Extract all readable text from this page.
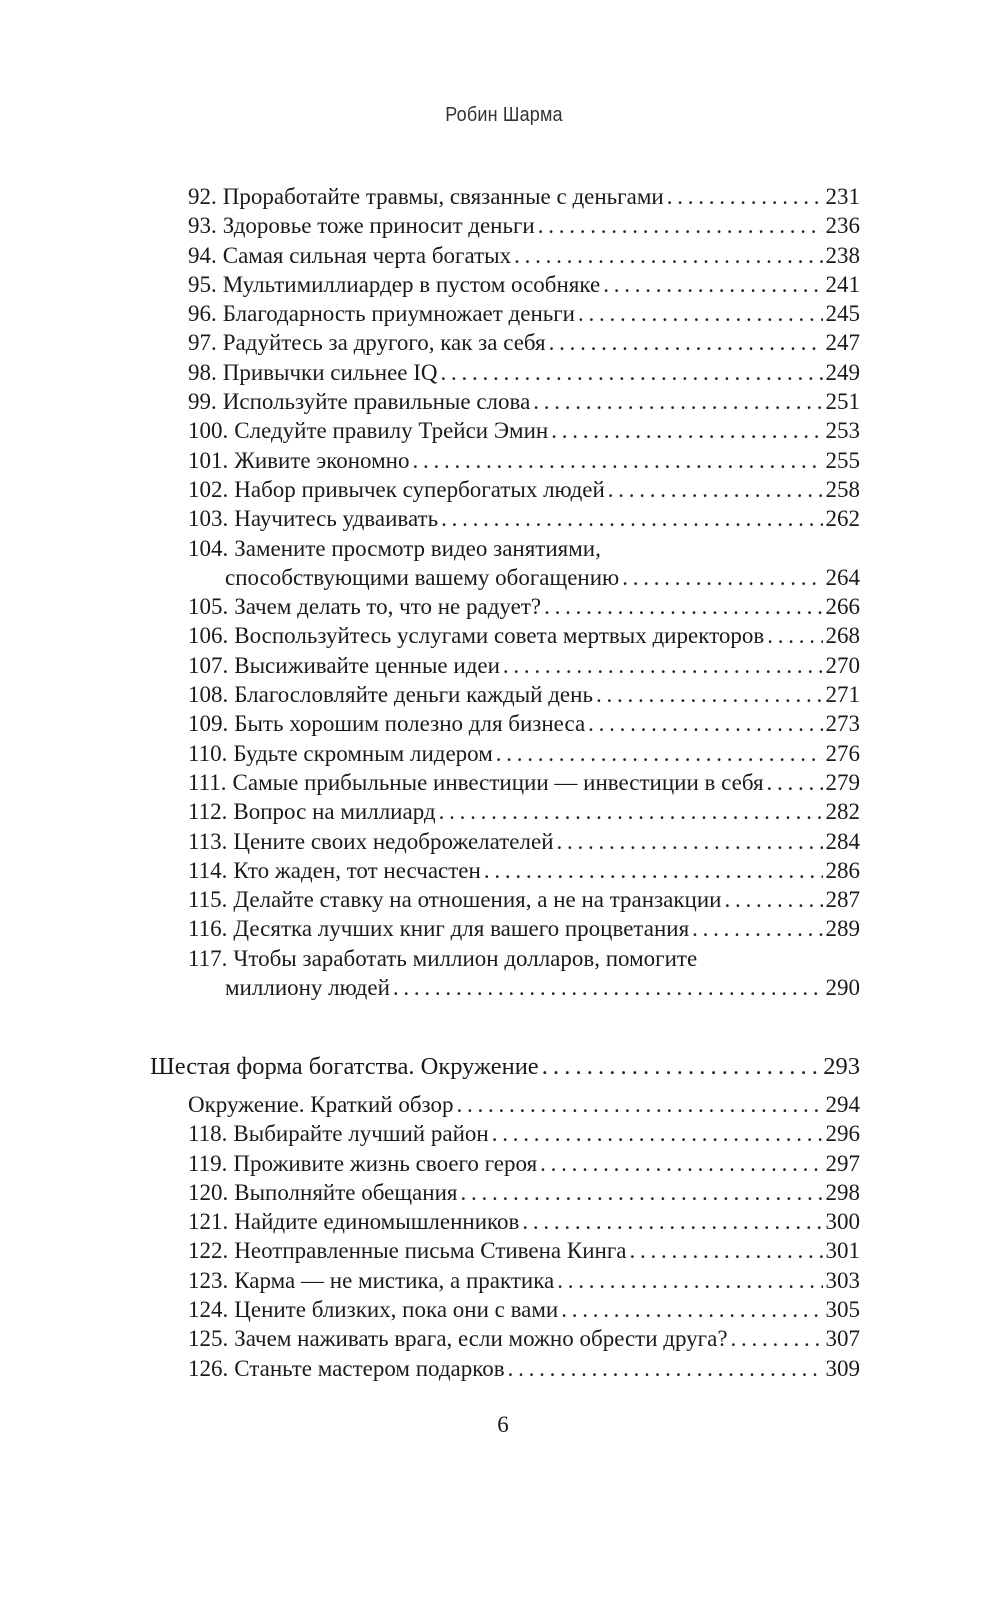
Робин Шарма
92. Проработайте травмы, связанные с деньгами . . .	231
93. Здоровье тоже приносит деньги . . .	236
94. Самая сильная черта богатых . . .	238
95. Мультимиллиардер в пустом особняке . . .	241
96. Благодарность приумножает деньги . . .	245
97. Радуйтесь за другого, как за себя . . .	247
98. Привычки сильнее IQ . . .	249
99. Используйте правильные слова . . .	251
100. Следуйте правилу Трейси Эмин . . .	253
101. Живите экономно . . .	255
102. Набор привычек супербогатых людей . . .	258
103. Научитесь удваивать . . .	262
104. Замените просмотр видео занятиями,
способствующими вашему обогащению . . .	264
105. Зачем делать то, что не радует? . . .	266
106. Воспользуйтесь услугами совета мертвых директоров . . .	268
107. Высиживайте ценные идеи . . .	270
108. Благословляйте деньги каждый день . . .	271
109. Быть хорошим полезно для бизнеса . . .	273
110. Будьте скромным лидером . . .	276
111. Самые прибыльные инвестиции — инвестиции в себя . . .	279
112. Вопрос на миллиард . . .	282
113. Цените своих недоброжелателей . . .	284
114. Кто жаден, тот несчастен . . .	286
115. Делайте ставку на отношения, а не на транзакции . . .	287
116. Десятка лучших книг для вашего процветания . . .	289
117. Чтобы заработать миллион долларов, помогите
миллиону людей . . .	290
Шестая форма богатства. Окружение . . .	293
Окружение. Краткий обзор . . .	294
118. Выбирайте лучший район . . .	296
119. Проживите жизнь своего героя . . .	297
120. Выполняйте обещания . . .	298
121. Найдите единомышленников . . .	300
122. Неотправленные письма Стивена Кинга . . .	301
123. Карма — не мистика, а практика . . .	303
124. Цените близких, пока они с вами . . .	305
125. Зачем наживать врага, если можно обрести друга? . . .	307
126. Станьте мастером подарков . . .	309
6
